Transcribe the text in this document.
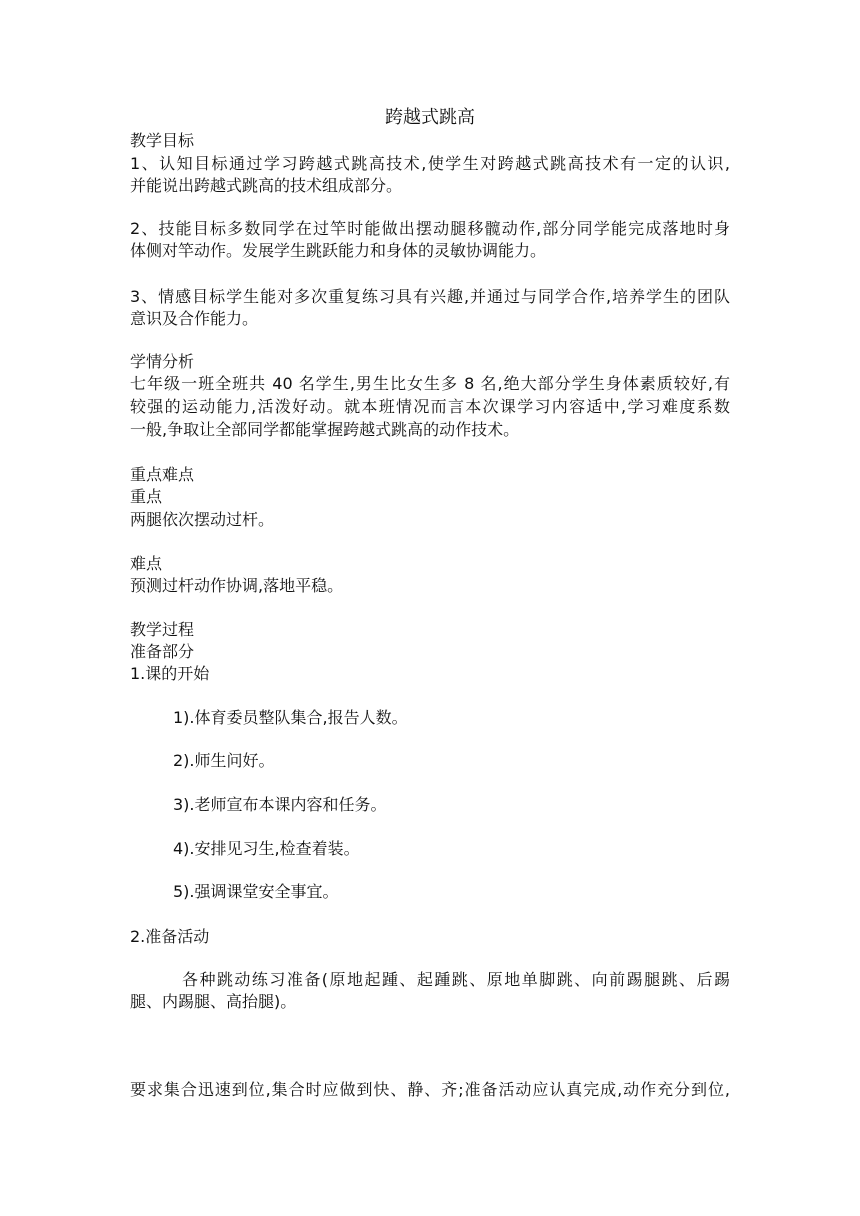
跨越式跳高
教学目标
1、认知目标通过学习跨越式跳高技术,使学生对跨越式跳高技术有一定的认识,
并能说出跨越式跳高的技术组成部分。
2、技能目标多数同学在过竿时能做出摆动腿移髋动作,部分同学能完成落地时身
体侧对竿动作。发展学生跳跃能力和身体的灵敏协调能力。
3、情感目标学生能对多次重复练习具有兴趣,并通过与同学合作,培养学生的团队
意识及合作能力。
学情分析
七年级一班全班共 40 名学生,男生比女生多 8 名,绝大部分学生身体素质较好,有
较强的运动能力,活泼好动。就本班情况而言本次课学习内容适中,学习难度系数
一般,争取让全部同学都能掌握跨越式跳高的动作技术。
重点难点
重点
两腿依次摆动过杆。
难点
预测过杆动作协调,落地平稳。
教学过程
准备部分
1.课的开始
1).体育委员整队集合,报告人数。
2).师生问好。
3).老师宣布本课内容和任务。
4).安排见习生,检查着装。
5).强调课堂安全事宜。
2.准备活动
各种跳动练习准备(原地起踵、起踵跳、原地单脚跳、向前踢腿跳、后踢
腿、内踢腿、高抬腿)。
要求集合迅速到位,集合时应做到快、静、齐;准备活动应认真完成,动作充分到位,
